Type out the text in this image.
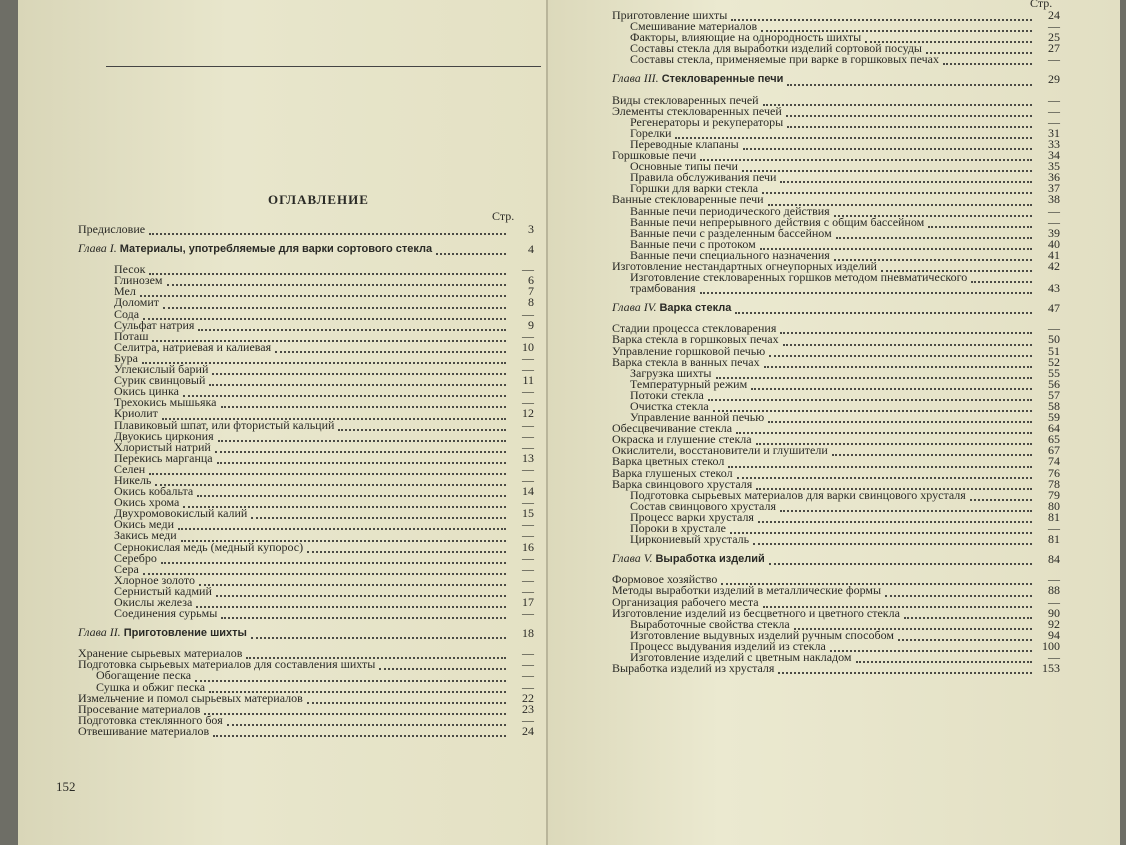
ОГЛАВЛЕНИЕ
Стр.
Предисловие	3
Глава I. Материалы, употребляемые для варки сортового стекла	4
Песок	—
Глинозем	6
Мел	7
Доломит	8
Сода	—
Сульфат натрия	9
Поташ	—
Селитра, натриевая и калиевая	10
Бура	—
Углекислый барий	—
Сурик свинцовый	11
Окись цинка	—
Трехокись мышьяка	—
Криолит	12
Плавиковый шпат, или фтористый кальций	—
Двуокись циркония	—
Хлористый натрий	—
Перекись марганца	13
Селен	—
Никель	—
Окись кобальта	14
Окись хрома	—
Двухромовокислый калий	15
Окись меди	—
Закись меди	—
Сернокислая медь (медный купорос)	16
Серебро	—
Сера	—
Хлорное золото	—
Сернистый кадмий	—
Окислы железа	17
Соединения сурьмы	—
Глава II. Приготовление шихты	18
Хранение сырьевых материалов	—
Подготовка сырьевых материалов для составления шихты	—
Обогащение песка	—
Сушка и обжиг песка	—
Измельчение и помол сырьевых материалов	22
Просевание материалов	23
Подготовка стеклянного боя	—
Отвешивание материалов	24
152
Стр.
Приготовление шихты	24
Смешивание материалов	—
Факторы, влияющие на однородность шихты	25
Составы стекла для выработки изделий сортовой посуды	27
Составы стекла, применяемые при варке в горшковых печах	—
Глава III. Стекловаренные печи	29
Виды стекловаренных печей	—
Элементы стекловаренных печей	—
Регенераторы и рекуператоры	—
Горелки	31
Переводные клапаны	33
Горшковые печи	34
Основные типы печи	35
Правила обслуживания печи	36
Горшки для варки стекла	37
Ванные стекловаренные печи	38
Ванные печи периодического действия	—
Ванные печи непрерывного действия с общим бассейном	—
Ванные печи с разделенным бассейном	39
Ванные печи с протоком	40
Ванные печи специального назначения	41
Изготовление нестандартных огнеупорных изделий	42
Изготовление стекловаренных горшков методом пневматического
трамбования	43
Глава IV. Варка стекла	47
Стадии процесса стекловарения	—
Варка стекла в горшковых печах	50
Управление горшковой печью	51
Варка стекла в ванных печах	52
Загрузка шихты	55
Температурный режим	56
Потоки стекла	57
Очистка стекла	58
Управление ванной печью	59
Обесцвечивание стекла	64
Окраска и глушение стекла	65
Окислители, восстановители и глушители	67
Варка цветных стекол	74
Варка глушеных стекол	76
Варка свинцового хрусталя	78
Подготовка сырьевых материалов для варки свинцового хрусталя	79
Состав свинцового хрусталя	80
Процесс варки хрусталя	81
Пороки в хрустале	—
Циркониевый хрусталь	81
Глава V. Выработка изделий	84
Формовое хозяйство	—
Методы выработки изделий в металлические формы	88
Организация рабочего места	—
Изготовление изделий из бесцветного и цветного стекла	90
Выработочные свойства стекла	92
Изготовление выдувных изделий ручным способом	94
Процесс выдувания изделий из стекла	100
Изготовление изделий с цветным накладом	—
Выработка изделий из хрусталя	153
